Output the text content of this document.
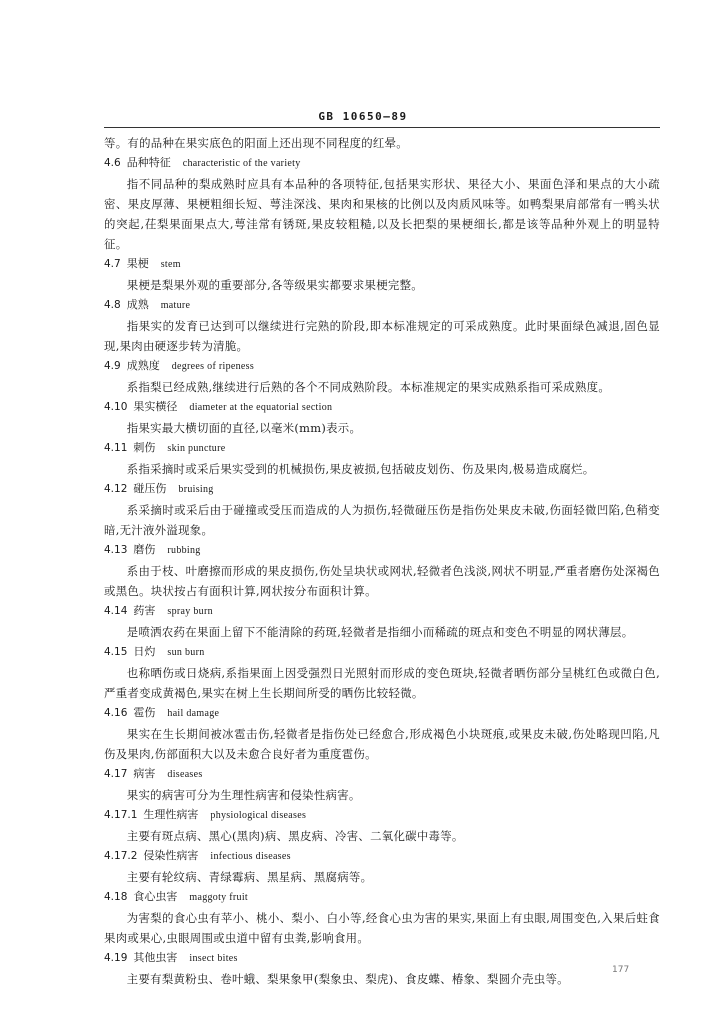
GB 10650—89

等。有的品种在果实底色的阳面上还出现不同程度的红晕。

4.6 品种特征 characteristic of the variety

指不同品种的梨成熟时应具有本品种的各项特征,包括果实形状、果径大小、果面色泽和果点的大小疏密、果皮厚薄、果梗粗细长短、萼洼深浅、果肉和果核的比例以及肉质风味等。如鸭梨果肩部常有一鸭头状的突起,茌梨果面果点大,萼洼常有锈斑,果皮较粗糙,以及长把梨的果梗细长,都是该等品种外观上的明显特征。

4.7 果梗 stem

果梗是梨果外观的重要部分,各等级果实都要求果梗完整。

4.8 成熟 mature

指果实的发育已达到可以继续进行完熟的阶段,即本标准规定的可采成熟度。此时果面绿色减退,固色显现,果肉由硬逐步转为清脆。

4.9 成熟度 degrees of ripeness

系指梨已经成熟,继续进行后熟的各个不同成熟阶段。本标准规定的果实成熟系指可采成熟度。

4.10 果实横径 diameter at the equatorial section

指果实最大横切面的直径,以毫米(mm)表示。

4.11 刺伤 skin puncture

系指采摘时或采后果实受到的机械损伤,果皮被损,包括破皮划伤、伤及果肉,极易造成腐烂。

4.12 碰压伤 bruising

系采摘时或采后由于碰撞或受压而造成的人为损伤,轻微碰压伤是指伤处果皮未破,伤面轻微凹陷,色稍变暗,无汁液外溢现象。

4.13 磨伤 rubbing

系由于枝、叶磨擦而形成的果皮损伤,伤处呈块状或网状,轻微者色浅淡,网状不明显,严重者磨伤处深褐色或黑色。块状按占有面积计算,网状按分布面积计算。

4.14 药害 spray burn

是喷洒农药在果面上留下不能清除的药斑,轻微者是指细小而稀疏的斑点和变色不明显的网状薄层。

4.15 日灼 sun burn

也称晒伤或日烧病,系指果面上因受强烈日光照射而形成的变色斑块,轻微者晒伤部分呈桃红色或微白色,严重者变成黄褐色,果实在树上生长期间所受的晒伤比较轻微。

4.16 雹伤 hail damage

果实在生长期间被冰雹击伤,轻微者是指伤处已经愈合,形成褐色小块斑痕,或果皮未破,伤处略现凹陷,凡伤及果肉,伤部面积大以及未愈合良好者为重度雹伤。

4.17 病害 diseases

果实的病害可分为生理性病害和侵染性病害。

4.17.1 生理性病害 physiological diseases

主要有斑点病、黑心(黑肉)病、黑皮病、冷害、二氧化碳中毒等。

4.17.2 侵染性病害 infectious diseases

主要有轮纹病、青绿霉病、黑星病、黑腐病等。

4.18 食心虫害 maggoty fruit

为害梨的食心虫有苹小、桃小、梨小、白小等,经食心虫为害的果实,果面上有虫眼,周围变色,入果后蛀食果肉或果心,虫眼周围或虫道中留有虫粪,影响食用。

4.19 其他虫害 insect bites

主要有梨黄粉虫、卷叶蛾、梨果象甲(梨象虫、梨虎)、食皮蝶、椿象、梨圆介壳虫等。

177
